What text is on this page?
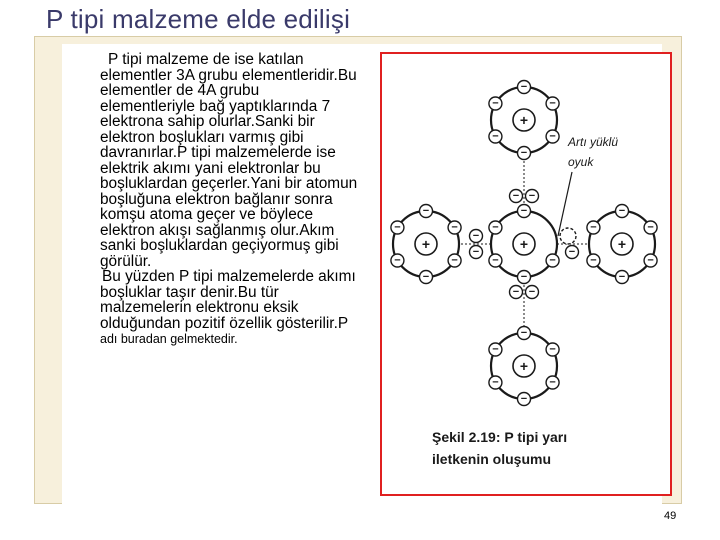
P tipi malzeme elde edilişi

P tipi malzeme de ise katılan elementler 3A grubu elementleridir.Bu elementler de 4A grubu elementleriyle bağ yaptıklarında 7 elektrona sahip olurlar.Sanki bir elektron boşlukları varmış gibi davranırlar.P tipi malzemelerde ise elektrik akımı yani elektronlar bu boşluklardan geçerler.Yani bir atomun boşluğuna elektron bağlanır sonra komşu atoma geçer ve böylece elektron akışı sağlanmış olur.Akım sanki boşluklardan geçiyormuş gibi görülür.

Bu yüzden P tipi malzemelerde akımı boşluklar taşır denir.Bu tür malzemelerin elektronu eksik olduğundan pozitif özellik gösterilir.P adı buradan gelmektedir.

+
−
−
−
−
−
−
+
−
−
−
−
−
−
+
−
−
−
−
−
−
+
−
−
−
−
−
−
+
−
−
−
−
−
− −
− −
−
−	−
Artı yüklü
oyuk
Şekil 2.19: P tipi yarı
iletkenin oluşumu
49
